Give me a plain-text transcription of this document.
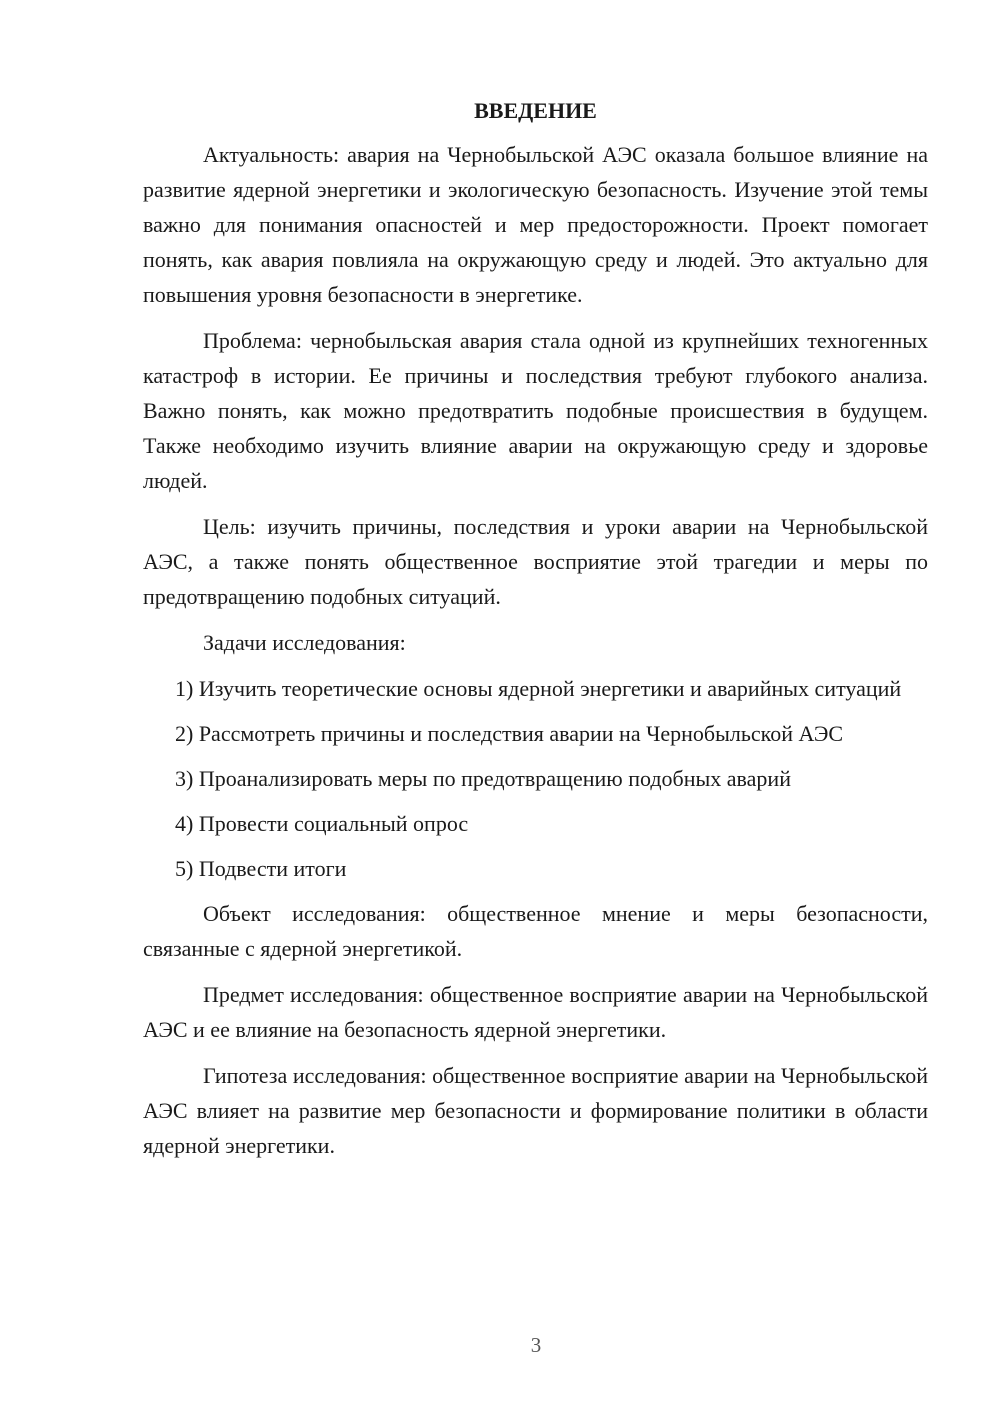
ВВЕДЕНИЕ

Актуальность: авария на Чернобыльской АЭС оказала большое влияние на развитие ядерной энергетики и экологическую безопасность. Изучение этой темы важно для понимания опасностей и мер предосторожности. Проект помогает понять, как авария повлияла на окружающую среду и людей. Это актуально для повышения уровня безопасности в энергетике.

Проблема: чернобыльская авария стала одной из крупнейших техногенных катастроф в истории. Ее причины и последствия требуют глубокого анализа. Важно понять, как можно предотвратить подобные происшествия в будущем. Также необходимо изучить влияние аварии на окружающую среду и здоровье людей.

Цель: изучить причины, последствия и уроки аварии на Чернобыльской АЭС, а также понять общественное восприятие этой трагедии и меры по предотвращению подобных ситуаций.

Задачи исследования:

1) Изучить теоретические основы ядерной энергетики и аварийных ситуаций

2) Рассмотреть причины и последствия аварии на Чернобыльской АЭС

3) Проанализировать меры по предотвращению подобных аварий

4) Провести социальный опрос

5) Подвести итоги

Объект исследования: общественное мнение и меры безопасности, связанные с ядерной энергетикой.

Предмет исследования: общественное восприятие аварии на Чернобыльской АЭС и ее влияние на безопасность ядерной энергетики.

Гипотеза исследования: общественное восприятие аварии на Чернобыльской АЭС влияет на развитие мер безопасности и формирование политики в области ядерной энергетики.

3
